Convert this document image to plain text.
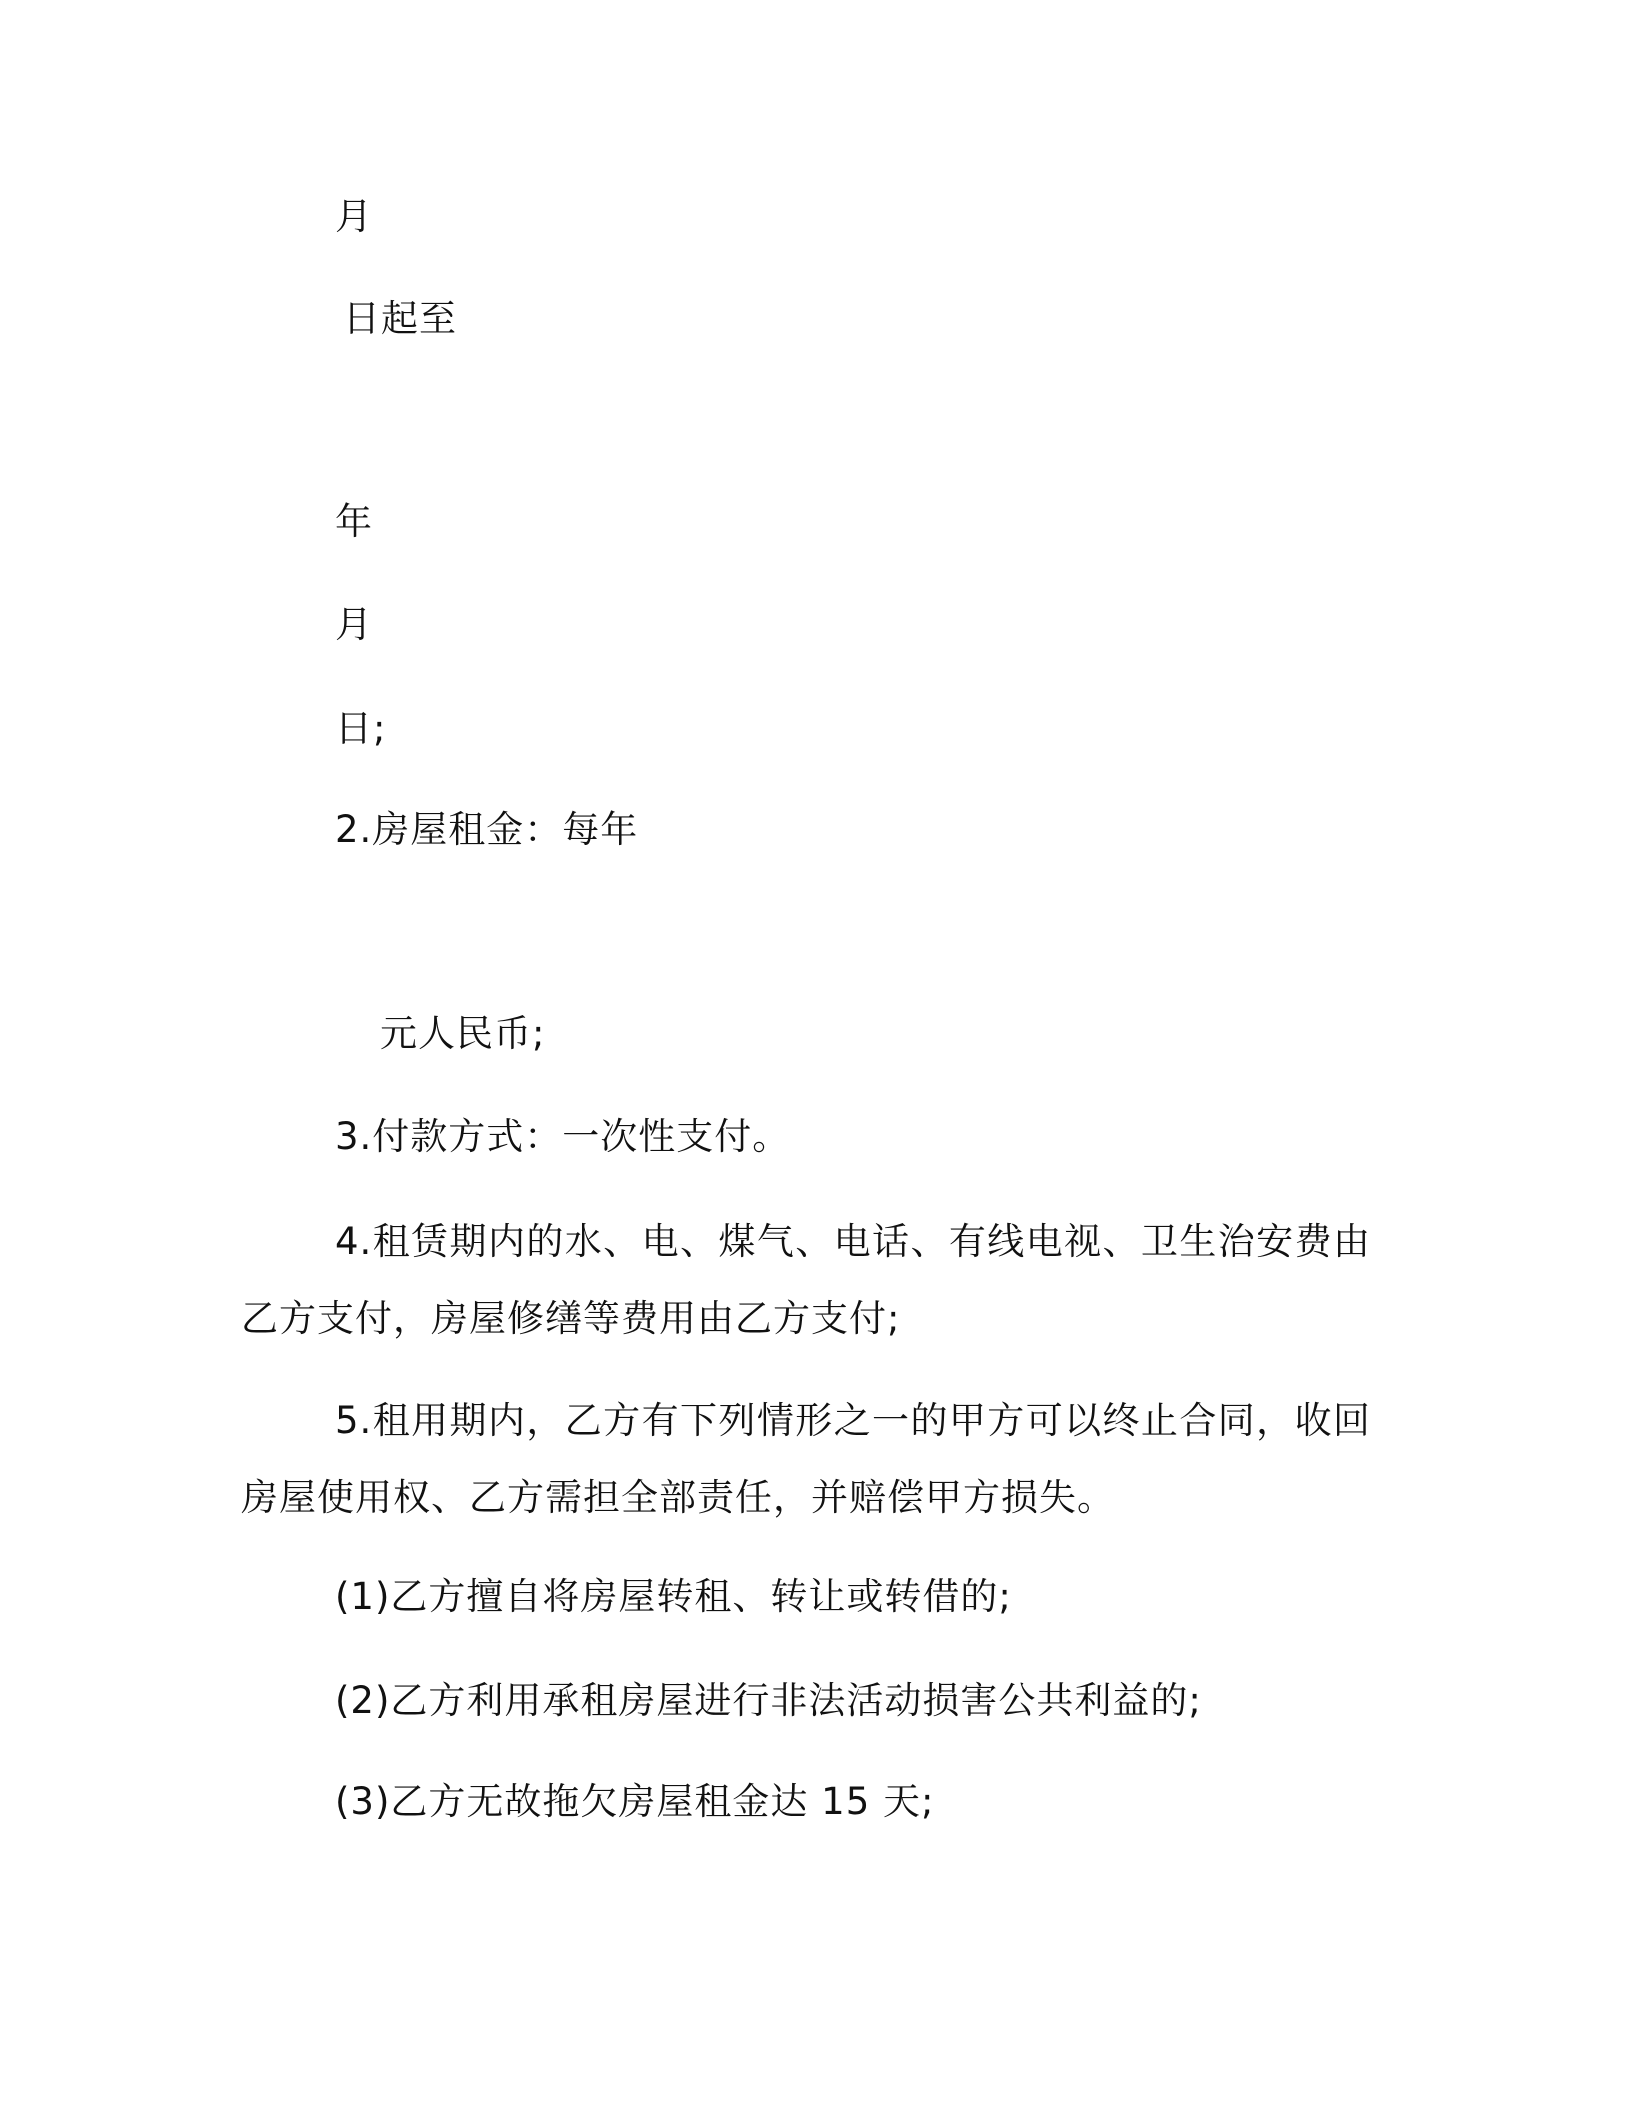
月
日起至
年
月
日;
2.房屋租金：每年
元人民币;
3.付款方式：一次性支付。
4.租赁期内的水、电、煤气、电话、有线电视、卫生治安费由乙方支付，房屋修缮等费用由乙方支付;
5.租用期内，乙方有下列情形之一的甲方可以终止合同，收回房屋使用权、乙方需担全部责任，并赔偿甲方损失。
(1)乙方擅自将房屋转租、转让或转借的;
(2)乙方利用承租房屋进行非法活动损害公共利益的;
(3)乙方无故拖欠房屋租金达 15 天;
